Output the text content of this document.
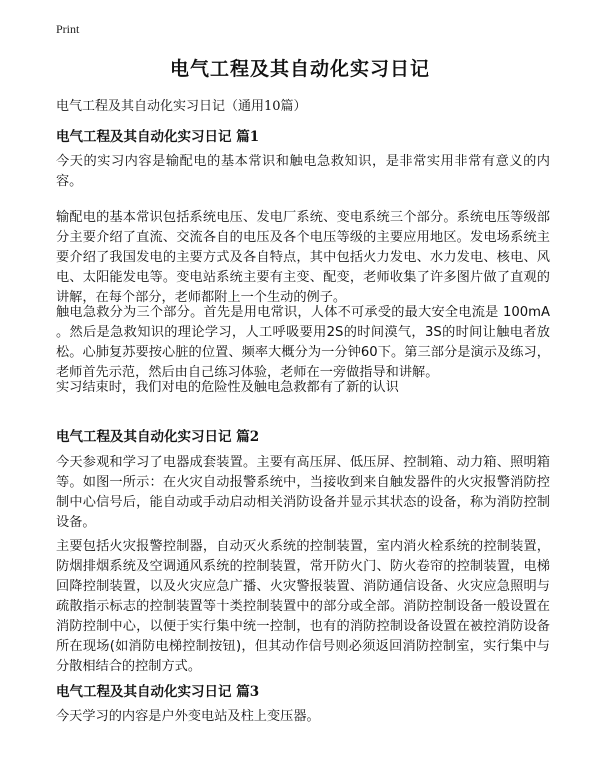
Print
电气工程及其自动化实习日记

电气工程及其自动化实习日记（通用10篇）

电气工程及其自动化实习日记 篇1

今天的实习内容是输配电的基本常识和触电急救知识，是非常实用非常有意义的内容。

输配电的基本常识包括系统电压、发电厂系统、变电系统三个部分。系统电压等级部分主要介绍了直流、交流各自的电压及各个电压等级的主要应用地区。发电场系统主要介绍了我国发电的主要方式及各自特点，其中包括火力发电、水力发电、核电、风电、太阳能发电等。变电站系统主要有主变、配变，老师收集了许多图片做了直观的讲解，在每个部分，老师都附上一个生动的例子。

触电急救分为三个部分。首先是用电常识，人体不可承受的最大安全电流是 100mA 。然后是急救知识的理论学习，人工呼吸要用2S的时间漠气，3S的时间让触电者放松。心肺复苏要按心脏的位置、频率大概分为一分钟60下。第三部分是演示及练习，老师首先示范，然后由自己练习体验，老师在一旁做指导和讲解。

实习结束时，我们对电的危险性及触电急救都有了新的认识

电气工程及其自动化实习日记 篇2

今天参观和学习了电器成套装置。主要有高压屏、低压屏、控制箱、动力箱、照明箱等。如图一所示：在火灾自动报警系统中，当接收到来自触发器件的火灾报警消防控制中心信号后，能自动或手动启动相关消防设备并显示其状态的设备，称为消防控制设备。

主要包括火灾报警控制器，自动灭火系统的控制装置，室内消火栓系统的控制装置，防烟排烟系统及空调通风系统的控制装置，常开防火门、防火卷帘的控制装置，电梯回降控制装置，以及火灾应急广播、火灾警报装置、消防通信设备、火灾应急照明与疏散指示标志的控制装置等十类控制装置中的部分或全部。消防控制设备一般设置在消防控制中心，以便于实行集中统一控制，也有的消防控制设备设置在被控消防设备所在现场(如消防电梯控制按钮)，但其动作信号则必须返回消防控制室，实行集中与分散相结合的控制方式。

电气工程及其自动化实习日记 篇3

今天学习的内容是户外变电站及柱上变压器。
